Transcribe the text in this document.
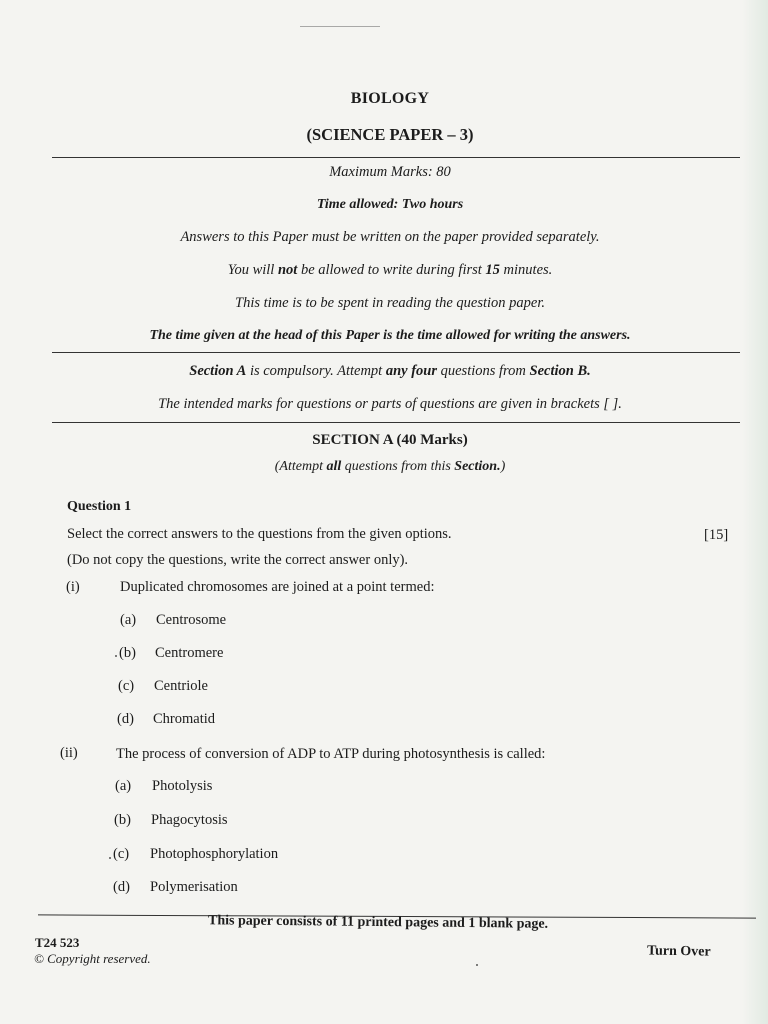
BIOLOGY
(SCIENCE PAPER – 3)
Maximum Marks: 80
Time allowed: Two hours
Answers to this Paper must be written on the paper provided separately.
You will not be allowed to write during first 15 minutes.
This time is to be spent in reading the question paper.
The time given at the head of this Paper is the time allowed for writing the answers.
Section A is compulsory. Attempt any four questions from Section B.
The intended marks for questions or parts of questions are given in brackets [ ].
SECTION A (40 Marks)
(Attempt all questions from this Section.)
Question 1
Select the correct answers to the questions from the given options.	[15]
(Do not copy the questions, write the correct answer only).
(i)	Duplicated chromosomes are joined at a point termed:
(a) Centrosome
(b) Centromere
(c) Centriole
(d) Chromatid
(ii)	The process of conversion of ADP to ATP during photosynthesis is called:
(a) Photolysis
(b) Phagocytosis
(c) Photophosphorylation
(d) Polymerisation
This paper consists of 11 printed pages and 1 blank page.
T24 523
© Copyright reserved.	Turn Over
